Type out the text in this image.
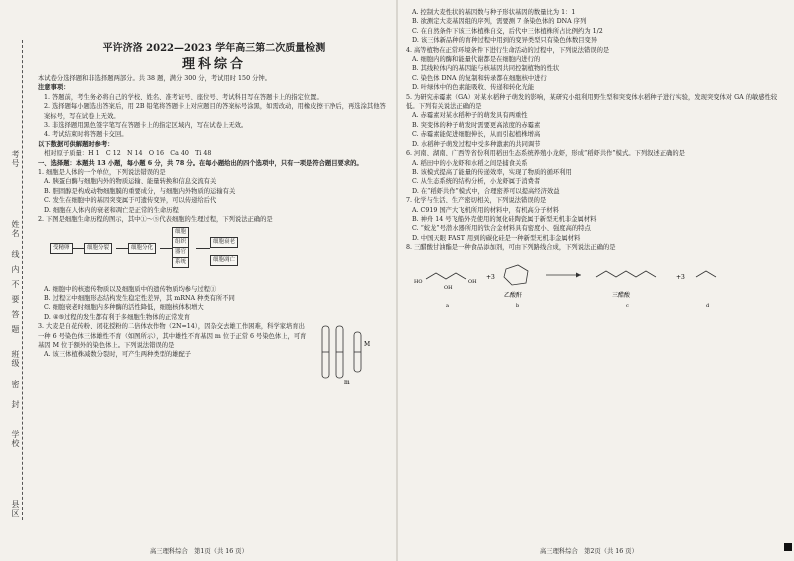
考号
姓名
线
内
不
要
答
题
班级
密
封
学校
县区
平许济洛 2022—2023 学年高三第二次质量检测
理科综合

本试卷分选择题和非选择题两部分。共 38 题，满分 300 分，考试用时 150 分钟。

注意事项：

1. 答题前，考生务必将自己的学校、姓名、准考证号、座位号、考试科目写在答题卡上的指定位置。

2. 选择题每小题选出答案后，用 2B 铅笔将答题卡上对应题目的答案标号涂黑，如需改动，用橡皮擦干净后，再选涂其他答案标号，写在试卷上无效。

3. 非选择题用黑色签字笔写在答题卡上的指定区域内，写在试卷上无效。

4. 考试结束时将答题卡交回。

以下数据可供解题时参考：

相对原子质量：H 1　C 12　N 14　O 16　Ca 40　Ti 48

一、选择题：本题共 13 小题，每小题 6 分，共 78 分。在每小题给出的四个选项中，只有一项是符合题目要求的。

1. 细胞是人体的一个单位，下列说法错误的是

A. 胰蛋白酶与细胞内外的物质运输、能量转换和信息交流有关

B. 胆固醇是构成动物细胞膜的重要成分，与细胞内外物质的运输有关

C. 发生在细胞中的基因突变属于可遗传变异，可以传递给后代

D. 细胞在人体内的衰老和凋亡是正常的生命历程

2. 下图是细胞生命历程的图示，其中①～⑤代表细胞的生理过程，下列说法正确的是

受精卵	细胞分裂	细胞分化
细胞
组织
器官
系统
细胞衰老
细胞凋亡

A. 细胞中的核遗传物质以及细胞质中的遗传物质均参与过程①

B. 过程②中细胞形态结构发生稳定性差异，其 mRNA 种类有所不同

C. 细胞衰老时细胞内多种酶的活性降低，细胞核体积增大

D. ④⑤过程的发生都有利于多细胞生物体的正常发育

3. 大麦是自花传粉、闭花授粉的二倍体农作物（2N=14），因杂交去雄工作困难，科学家培育出一种 6 号染色体三体雄性不育（如图所示），其中雄性不育基因 m 位于正常 6 号染色体上，可育基因 M 位于额外的染色体上。下列说法错误的是	M
m

A. 该三体植株减数分裂时，可产生两种类型的雄配子

A. 控制大麦性状的基因数与种子形状基因的数量比为 1：1

B. 欲测定大麦基因组的序列，需要测 7 条染色体的 DNA 序列

C. 在自然条件下该三体植株自交，后代中三体植株所占比例约为 1/2

D. 该三体新品种的育种过程中用到的变异类型只有染色体数目变异

4. 高等植物在正常环境条件下进行生命活动的过程中，下列说法错误的是

A. 细胞内的酶和能量代谢都是在细胞内进行的

B. 其线粒体内的基因能与核基因共同控制植物的性状

C. 染色体 DNA 的复制和转录都在细胞核中进行

D. 叶绿体中的色素能吸收、传递和转化光能

5. 为研究赤霉素（GA）对某水稻种子萌发的影响，某研究小组利用野生型和突变体水稻种子进行实验，发现突变体对 GA 的敏感性较低。下列有关说法正确的是

A. 赤霉素对某水稻种子的萌发具有两重性

B. 突变体的种子萌发时需要更高浓度的赤霉素

C. 赤霉素能促进细胞伸长，从而引起植株增高

D. 水稻种子萌发过程中受多种激素的共同调节

6. 河南、湖南、广西等省份利用稻田生态系统养殖小龙虾，形成“稻虾共作”模式。下列叙述正确的是

A. 稻田中的小龙虾和水稻之间是捕食关系

B. 该模式提高了能量的传递效率，实现了物质的循环利用

C. 从生态系统的结构分析，小龙虾属于消费者

D. 在“稻虾共作”模式中，合理密养可以提高经济效益

7. 化学与生活、生产密切相关，下列说法错误的是

A. C919 国产大飞机所用的材料中，有机高分子材料

B. 神舟 14 号飞船外壳使用的氮化硅陶瓷属于新型无机非金属材料

C. “蛟龙”号潜水器所用的钛合金材料具有密度小、强度高的特点

D. 中国天眼 FAST 用到的碳化硅是一种新型无机非金属材料

8. 三醋酸甘油酯是一种食品添加剂，可由下列路线合成，下列说法正确的是

HO	OH
OH
+3
乙酸酐	三醋酸
+3
a	b	c	d
高三理科综合　第1页（共 16 页）	高三理科综合　第2页（共 16 页）
